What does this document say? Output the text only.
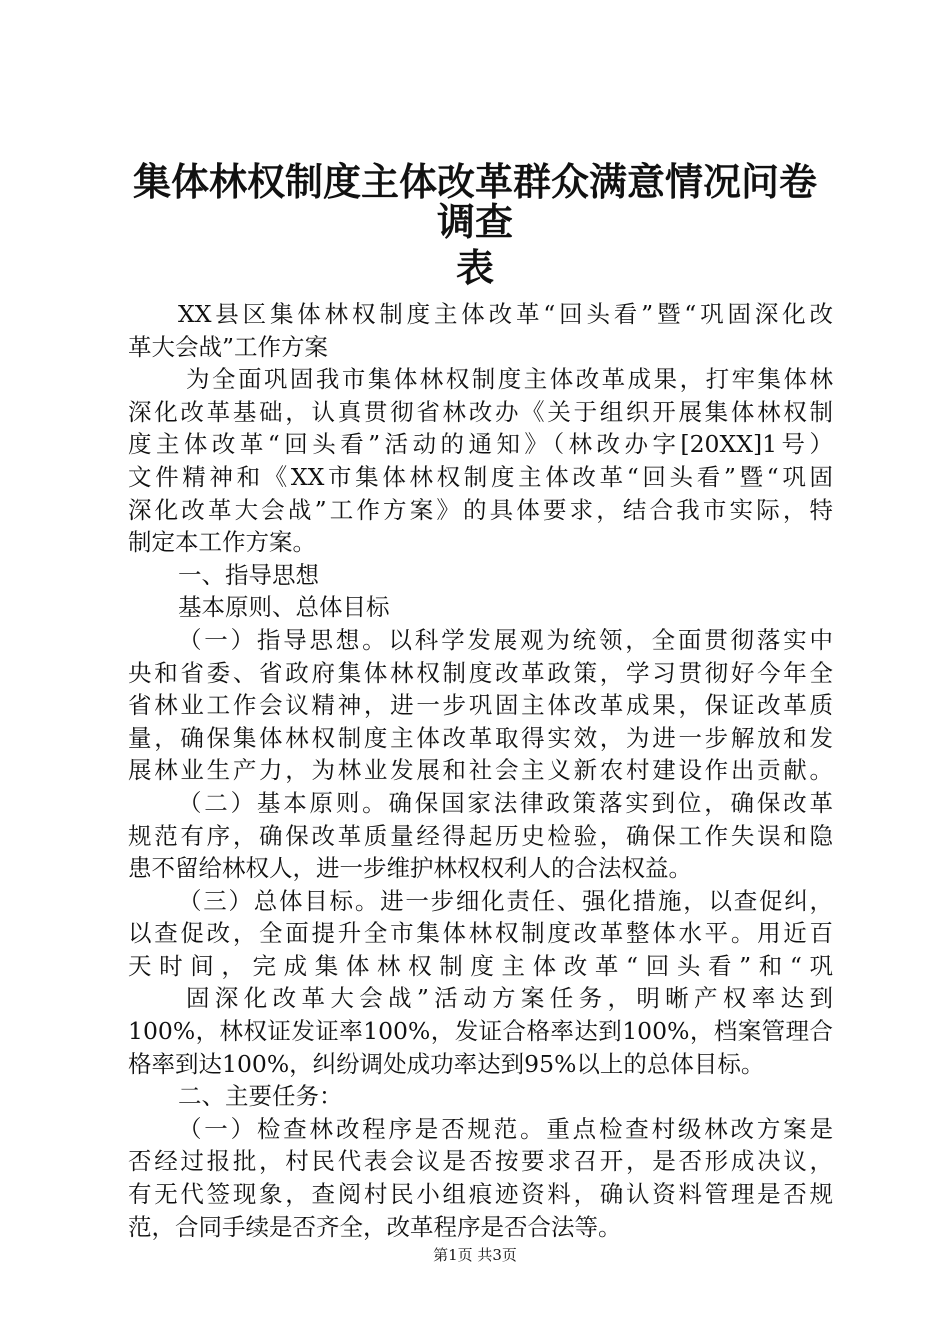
集体林权制度主体改革群众满意情况问卷调查
表
XX县区集体林权制度主体改革“回头看”暨“巩固深化改
革大会战”工作方案
为全面巩固我市集体林权制度主体改革成果，打牢集体林
深化改革基础，认真贯彻省林改办《关于组织开展集体林权制
度主体改革“回头看”活动的通知》（林改办字[20XX]1号）
文件精神和《XX市集体林权制度主体改革“回头看”暨“巩固
深化改革大会战”工作方案》的具体要求，结合我市实际，特
制定本工作方案。
一、指导思想
基本原则、总体目标
（一）指导思想。以科学发展观为统领，全面贯彻落实中
央和省委、省政府集体林权制度改革政策，学习贯彻好今年全
省林业工作会议精神，进一步巩固主体改革成果，保证改革质
量，确保集体林权制度主体改革取得实效，为进一步解放和发
展林业生产力，为林业发展和社会主义新农村建设作出贡献。
（二）基本原则。确保国家法律政策落实到位，确保改革
规范有序，确保改革质量经得起历史检验，确保工作失误和隐
患不留给林权人，进一步维护林权权利人的合法权益。
（三）总体目标。进一步细化责任、强化措施，以查促纠，
以查促改，全面提升全市集体林权制度改革整体水平。用近百
天时间，完成集体林权制度主体改革“回头看”和“巩
固深化改革大会战”活动方案任务，明晰产权率达到
100%，林权证发证率100%，发证合格率达到100%，档案管理合
格率到达100%，纠纷调处成功率达到95%以上的总体目标。
二、主要任务：
（一）检查林改程序是否规范。重点检查村级林改方案是
否经过报批，村民代表会议是否按要求召开，是否形成决议，
有无代签现象，查阅村民小组痕迹资料，确认资料管理是否规
范，合同手续是否齐全，改革程序是否合法等。
第1页 共3页
